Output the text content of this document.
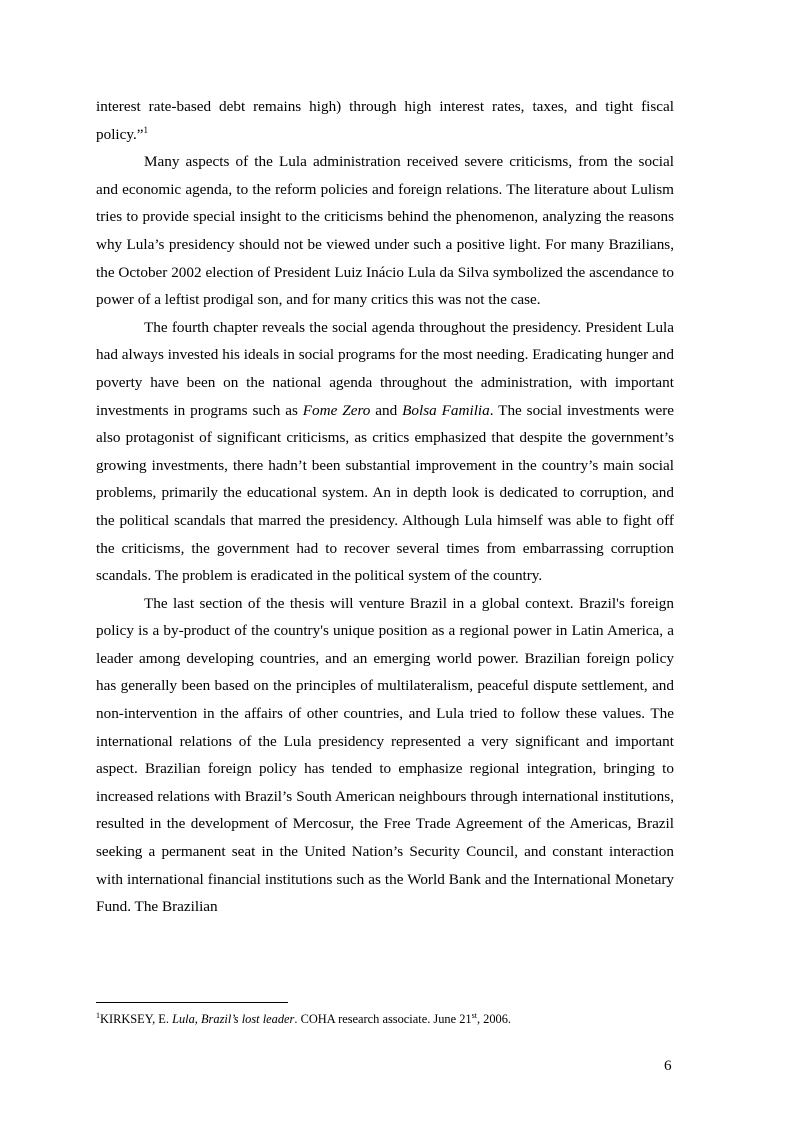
interest rate-based debt remains high) through high interest rates, taxes, and tight fiscal policy.”$^1$

Many aspects of the Lula administration received severe criticisms, from the social and economic agenda, to the reform policies and foreign relations. The literature about Lulism tries to provide special insight to the criticisms behind the phenomenon, analyzing the reasons why Lula’s presidency should not be viewed under such a positive light. For many Brazilians, the October 2002 election of President Luiz Inácio Lula da Silva symbolized the ascendance to power of a leftist prodigal son, and for many critics this was not the case.

The fourth chapter reveals the social agenda throughout the presidency. President Lula had always invested his ideals in social programs for the most needing. Eradicating hunger and poverty have been on the national agenda throughout the administration, with important investments in programs such as Fome Zero and Bolsa Familia. The social investments were also protagonist of significant criticisms, as critics emphasized that despite the government’s growing investments, there hadn’t been substantial improvement in the country’s main social problems, primarily the educational system. An in depth look is dedicated to corruption, and the political scandals that marred the presidency. Although Lula himself was able to fight off the criticisms, the government had to recover several times from embarrassing corruption scandals. The problem is eradicated in the political system of the country.

The last section of the thesis will venture Brazil in a global context. Brazil's foreign policy is a by-product of the country's unique position as a regional power in Latin America, a leader among developing countries, and an emerging world power. Brazilian foreign policy has generally been based on the principles of multilateralism, peaceful dispute settlement, and non-intervention in the affairs of other countries, and Lula tried to follow these values. The international relations of the Lula presidency represented a very significant and important aspect. Brazilian foreign policy has tended to emphasize regional integration, bringing to increased relations with Brazil’s South American neighbours through international institutions, resulted in the development of Mercosur, the Free Trade Agreement of the Americas, Brazil seeking a permanent seat in the United Nation’s Security Council, and constant interaction with international financial institutions such as the World Bank and the International Monetary Fund. The Brazilian

$^1$KIRKSEY, E. Lula, Brazil’s lost leader. COHA research associate. June 21st, 2006.

6
